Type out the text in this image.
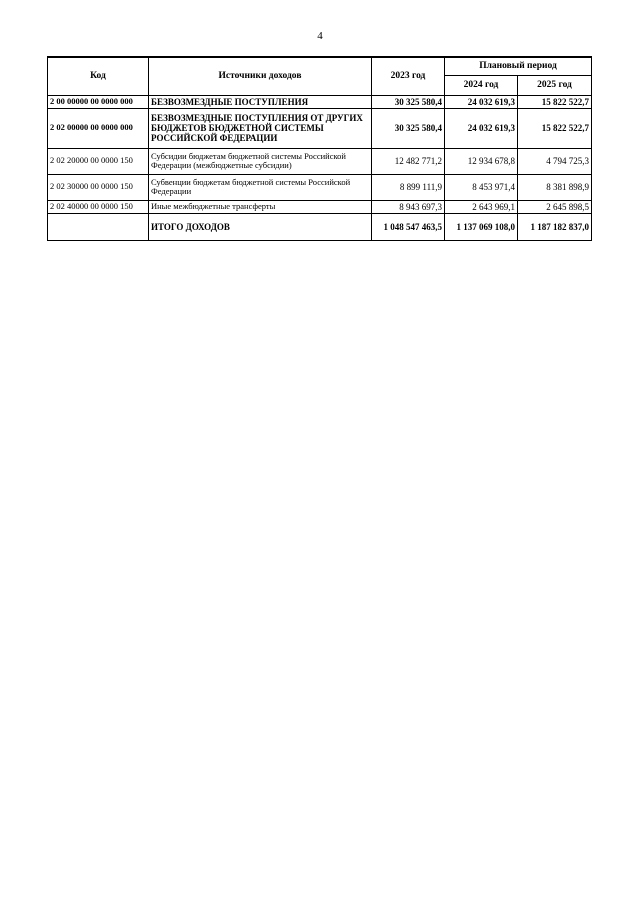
4
Код	Источники доходов	2023 год	Плановый период	
			2024 год	2025 год
2 00 00000 00 0000 000	БЕЗВОЗМЕЗДНЫЕ ПОСТУПЛЕНИЯ	30 325 580,4	24 032 619,3	15 822 522,7
2 02 00000 00 0000 000	БЕЗВОЗМЕЗДНЫЕ ПОСТУПЛЕНИЯ ОТ ДРУГИХ БЮДЖЕТОВ БЮДЖЕТНОЙ СИСТЕМЫ РОССИЙСКОЙ ФЕДЕРАЦИИ	30 325 580,4	24 032 619,3	15 822 522,7
2 02 20000 00 0000 150	Субсидии бюджетам бюджетной системы Российской Федерации (межбюджетные субсидии)	12 482 771,2	12 934 678,8	4 794 725,3
2 02 30000 00 0000 150	Субвенции бюджетам бюджетной системы Российской Федерации	8 899 111,9	8 453 971,4	8 381 898,9
2 02 40000 00 0000 150	Иные межбюджетные трансферты	8 943 697,3	2 643 969,1	2 645 898,5
	ИТОГО ДОХОДОВ	1 048 547 463,5	1 137 069 108,0	1 187 182 837,0
